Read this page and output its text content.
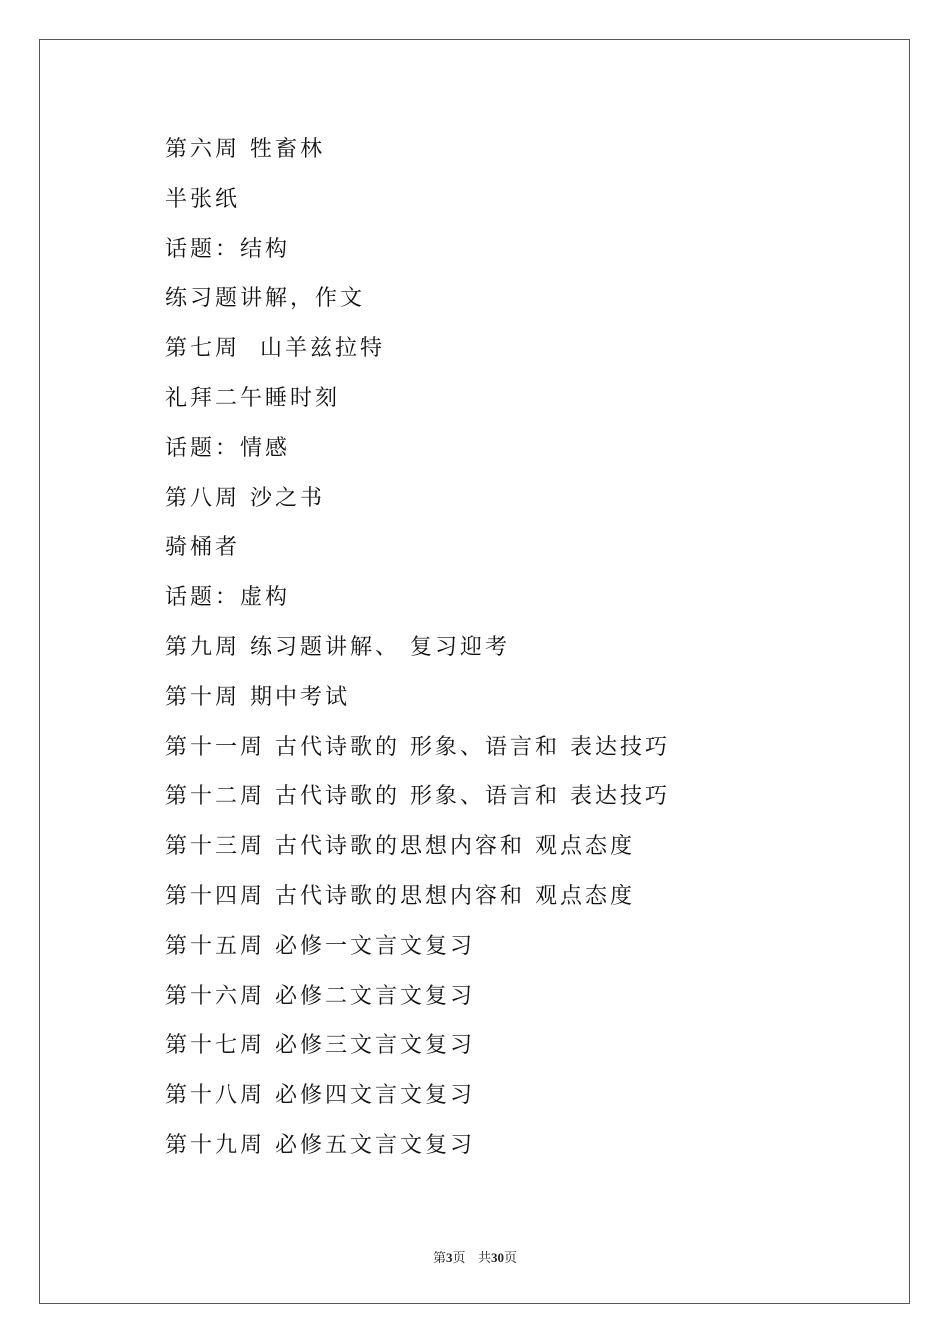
第六周 牲畜林
半张纸
话题：结构
练习题讲解，作文
第七周  山羊兹拉特
礼拜二午睡时刻
话题：情感
第八周 沙之书
骑桶者
话题：虚构
第九周 练习题讲解、 复习迎考
第十周 期中考试
第十一周 古代诗歌的 形象、语言和 表达技巧
第十二周 古代诗歌的 形象、语言和 表达技巧
第十三周 古代诗歌的思想内容和 观点态度
第十四周 古代诗歌的思想内容和 观点态度
第十五周 必修一文言文复习
第十六周 必修二文言文复习
第十七周 必修三文言文复习
第十八周 必修四文言文复习
第十九周 必修五文言文复习
第3页 共30页
